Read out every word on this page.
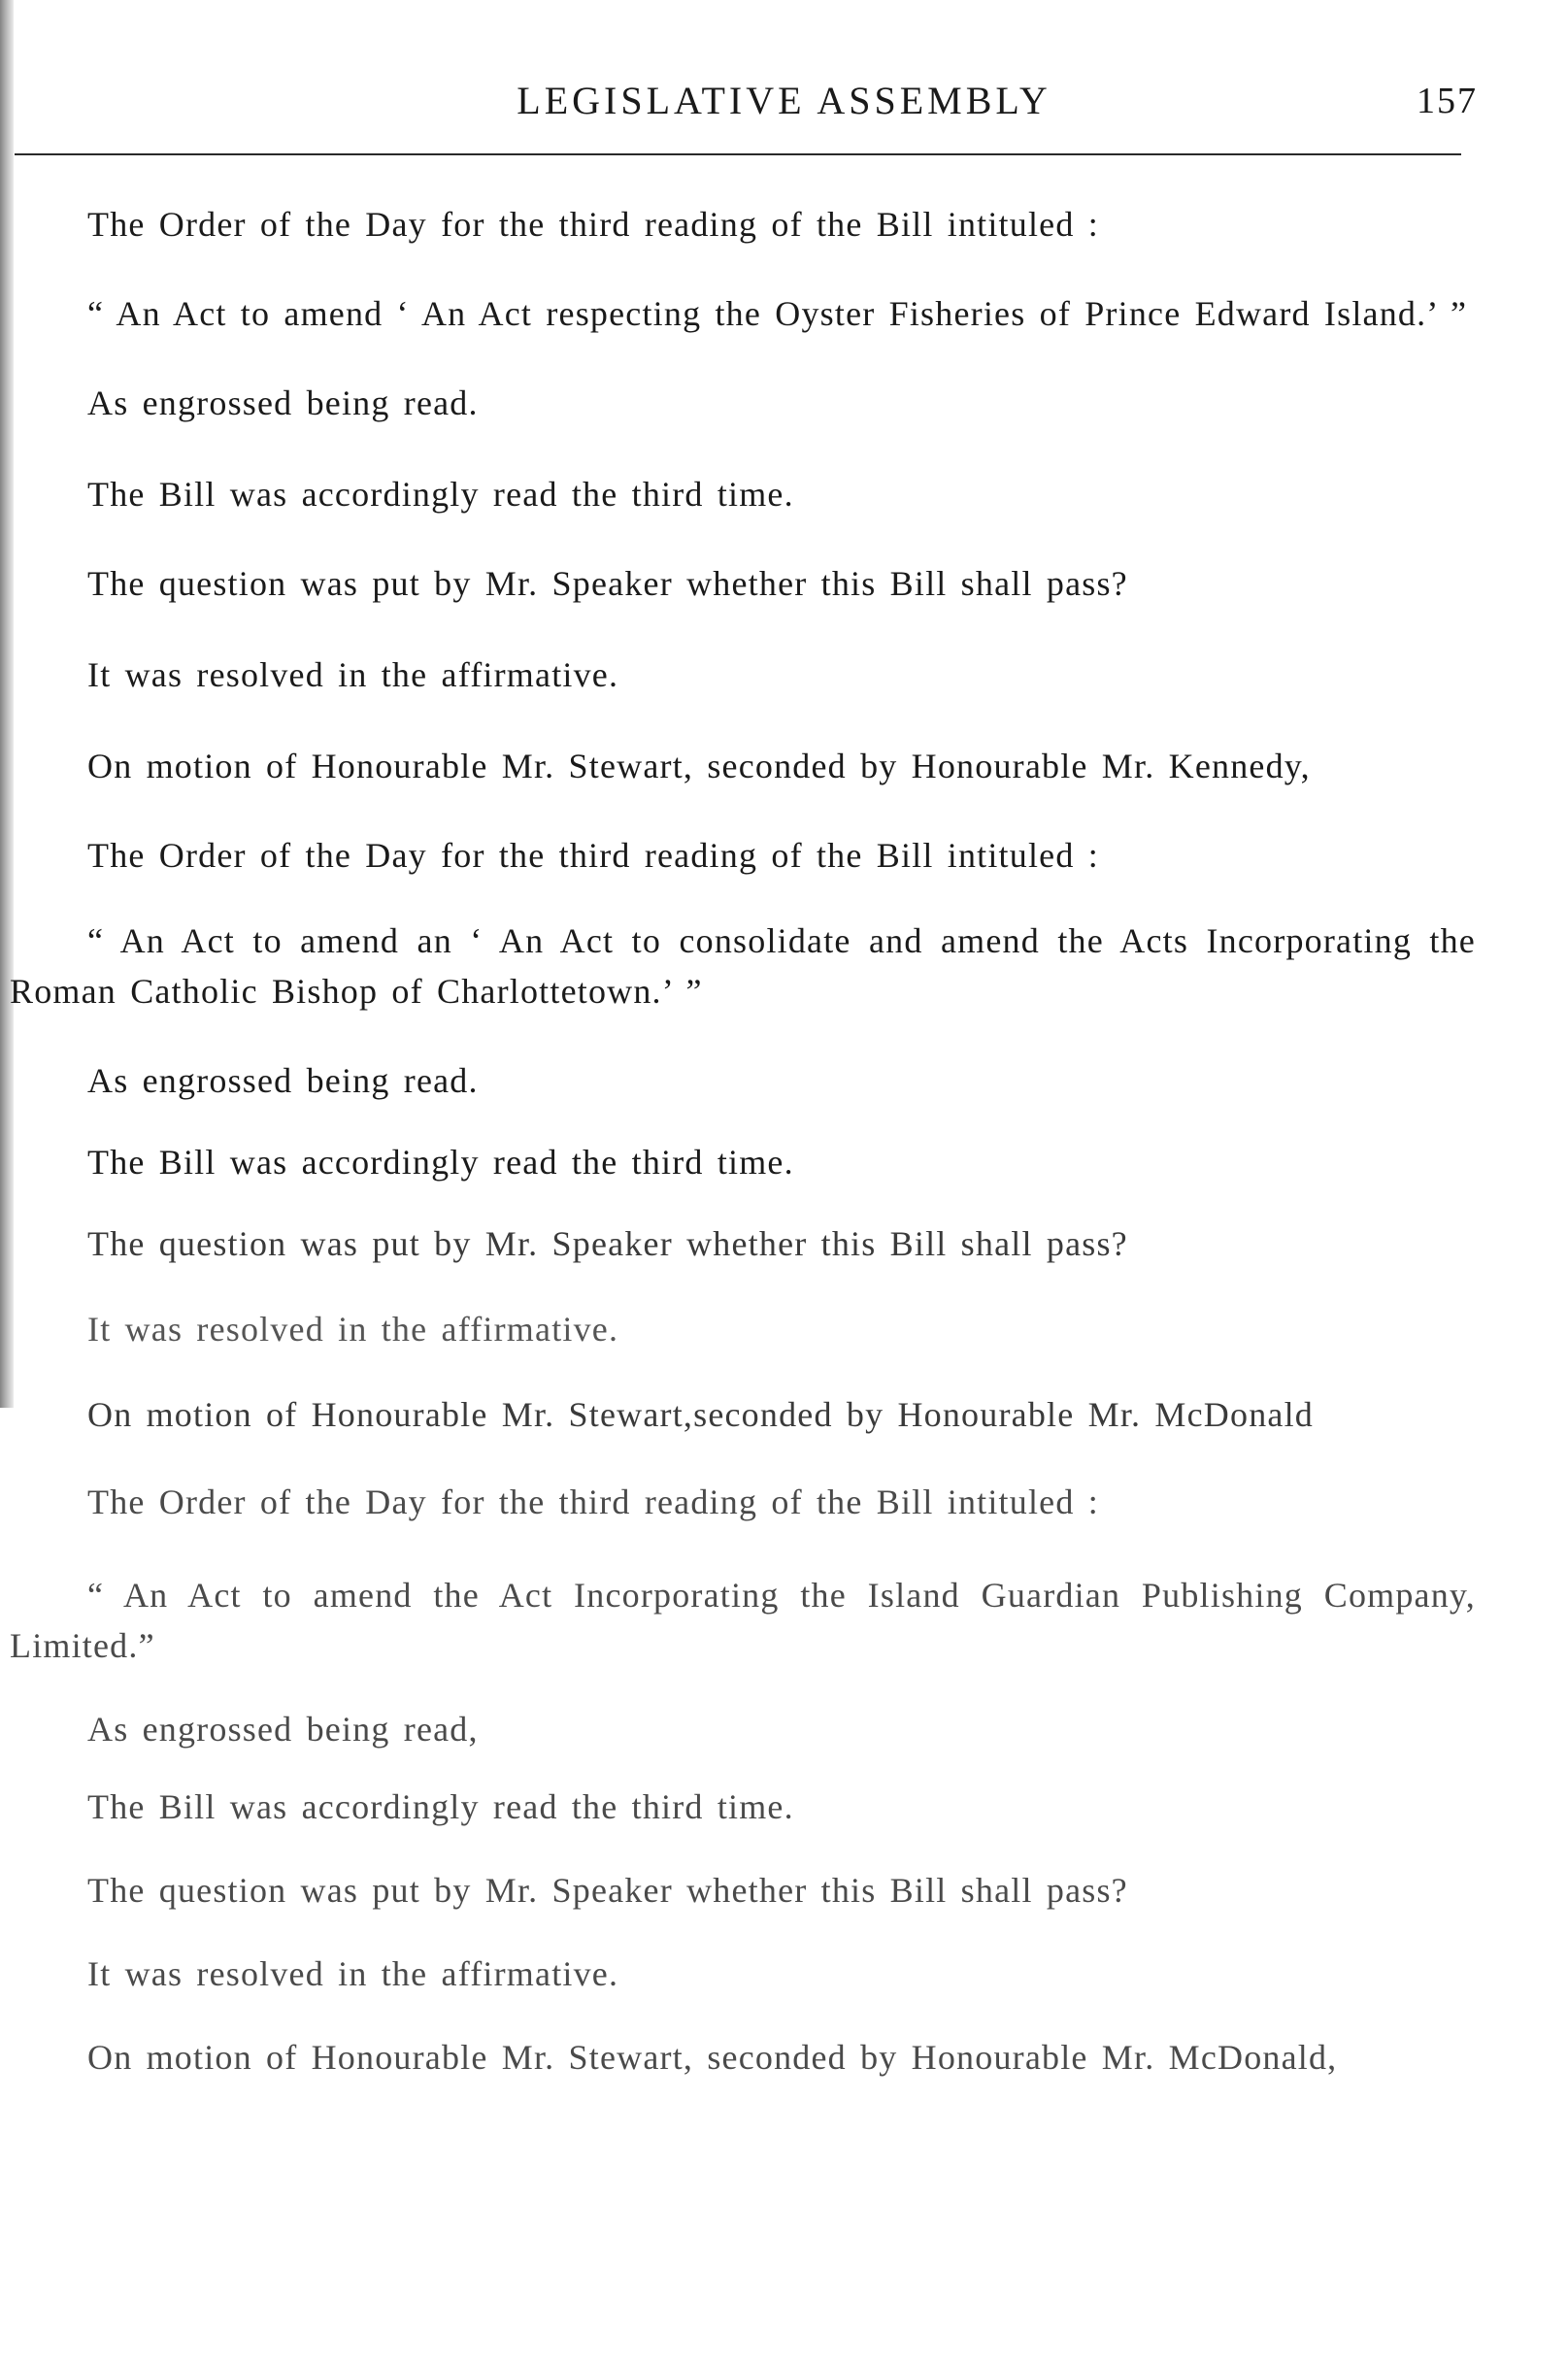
LEGISLATIVE ASSEMBLY	157

The Order of the Day for the third reading of the Bill intituled :

“ An Act to amend ‘ An Act respecting the Oyster Fisheries of Prince Edward Island.’ ”

As engrossed being read.

The Bill was accordingly read the third time.

The question was put by Mr. Speaker whether this Bill shall pass?

It was resolved in the affirmative.

On motion of Honourable Mr. Stewart, seconded by Honourable Mr. Kennedy,

The Order of the Day for the third reading of the Bill intituled :

“ An Act to amend an ‘ An Act to consolidate and amend the Acts Incorporating the Roman Catholic Bishop of Charlottetown.’ ”

As engrossed being read.

The Bill was accordingly read the third time.

The question was put by Mr. Speaker whether this Bill shall pass?

It was resolved in the affirmative.

On motion of Honourable Mr. Stewart,seconded by Honourable Mr. McDonald

The Order of the Day for the third reading of the Bill intituled :

“ An Act to amend the Act Incorporating the Island Guardian Publishing Company, Limited.”

As engrossed being read,

The Bill was accordingly read the third time.

The question was put by Mr. Speaker whether this Bill shall pass?

It was resolved in the affirmative.

On motion of Honourable Mr. Stewart, seconded by Honourable Mr. McDonald,
